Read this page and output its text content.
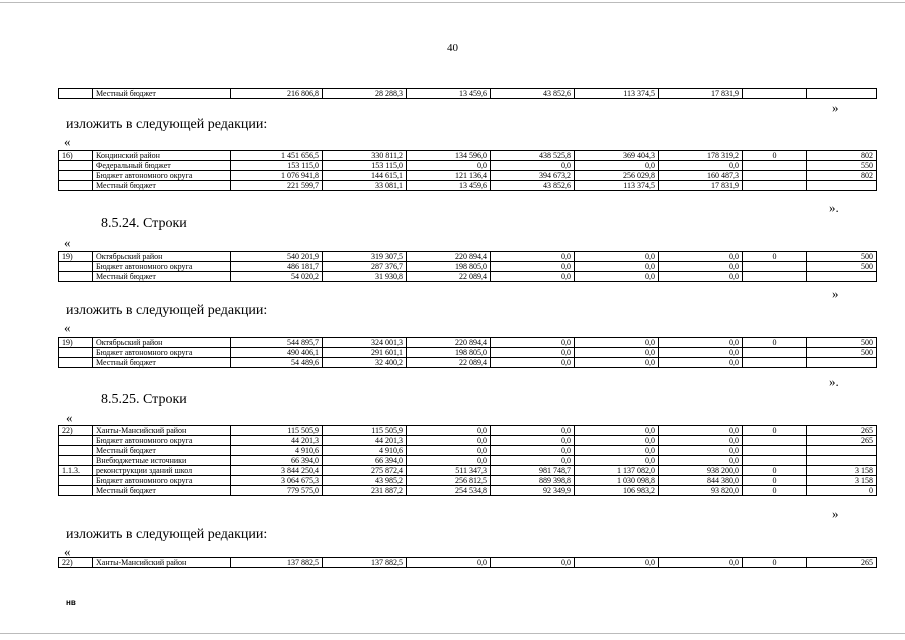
40
	Местный бюджет	216 806,8	28 288,3	13 459,6	43 852,6	113 374,5	17 831,9		
»
изложить в следующей редакции:
«
16)	Кондинский район	1 451 656,5	330 811,2	134 596,0	438 525,8	369 404,3	178 319,2	0	802
	Федеральный бюджет	153 115,0	153 115,0	0,0	0,0	0,0	0,0		550
	Бюджет автономного округа	1 076 941,8	144 615,1	121 136,4	394 673,2	256 029,8	160 487,3		802
	Местный бюджет	221 599,7	33 081,1	13 459,6	43 852,6	113 374,5	17 831,9		
».
8.5.24. Строки
«
19)	Октябрьский район	540 201,9	319 307,5	220 894,4	0,0	0,0	0,0	0	500
	Бюджет автономного округа	486 181,7	287 376,7	198 805,0	0,0	0,0	0,0		500
	Местный бюджет	54 020,2	31 930,8	22 089,4	0,0	0,0	0,0		
»
изложить в следующей редакции:
«
19)	Октябрьский район	544 895,7	324 001,3	220 894,4	0,0	0,0	0,0	0	500
	Бюджет автономного округа	490 406,1	291 601,1	198 805,0	0,0	0,0	0,0		500
	Местный бюджет	54 489,6	32 400,2	22 089,4	0,0	0,0	0,0		
».
8.5.25. Строки
«
22)	Ханты-Мансийский район	115 505,9	115 505,9	0,0	0,0	0,0	0,0	0	265
	Бюджет автономного округа	44 201,3	44 201,3	0,0	0,0	0,0	0,0		265
	Местный бюджет	4 910,6	4 910,6	0,0	0,0	0,0	0,0		
	Внебюджетные источники	66 394,0	66 394,0	0,0	0,0	0,0	0,0		
1.1.3.	реконструкции зданий школ	3 844 250,4	275 872,4	511 347,3	981 748,7	1 137 082,0	938 200,0	0	3 158
	Бюджет автономного округа	3 064 675,3	43 985,2	256 812,5	889 398,8	1 030 098,8	844 380,0	0	3 158
	Местный бюджет	779 575,0	231 887,2	254 534,8	92 349,9	106 983,2	93 820,0	0	0
»
изложить в следующей редакции:
«
22)	Ханты-Мансийский район	137 882,5	137 882,5	0,0	0,0	0,0	0,0	0	265
нв
